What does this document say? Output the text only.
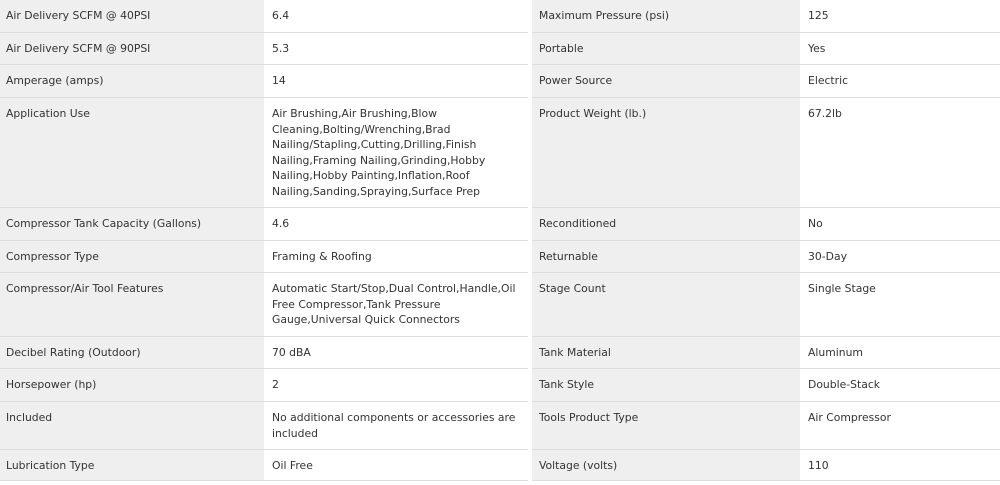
Air Delivery SCFM @ 40PSI	6.4
Air Delivery SCFM @ 90PSI	5.3
Amperage (amps)	14
Application Use	Air Brushing,Air Brushing,Blow Cleaning,Bolting/Wrenching,Brad Nailing/Stapling,Cutting,Drilling,Finish Nailing,Framing Nailing,Grinding,Hobby Nailing,Hobby Painting,Inflation,Roof Nailing,Sanding,Spraying,Surface Prep
Compressor Tank Capacity (Gallons)	4.6
Compressor Type	Framing & Roofing
Compressor/Air Tool Features	Automatic Start/Stop,Dual Control,Handle,Oil Free Compressor,Tank Pressure Gauge,Universal Quick Connectors
Decibel Rating (Outdoor)	70 dBA
Horsepower (hp)	2
Included	No additional components or accessories are included
Lubrication Type	Oil Free
Maximum Pressure (psi)	125
Portable	Yes
Power Source	Electric
Product Weight (lb.)	67.2lb
Reconditioned	No
Returnable	30-Day
Stage Count	Single Stage
Tank Material	Aluminum
Tank Style	Double-Stack
Tools Product Type	Air Compressor
Voltage (volts)	110
